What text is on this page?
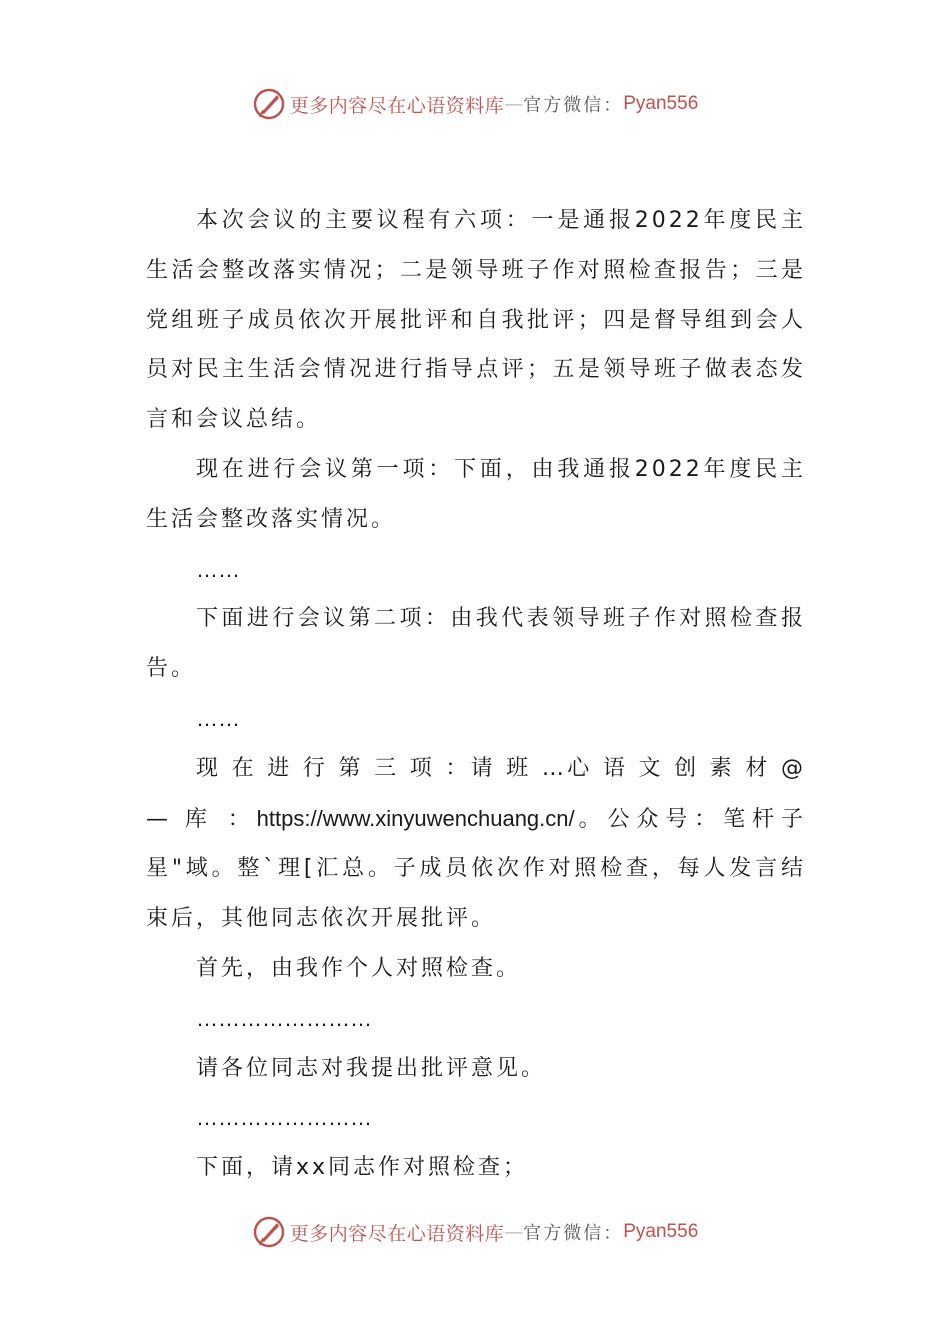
更多内容尽在心语资料库 — 官方微信： Pyan556

本次会议的主要议程有六项：一是通报2022年度民主生活会整改落实情况；二是领导班子作对照检查报告；三是党组班子成员依次开展批评和自我批评；四是督导组到会人员对民主生活会情况进行指导点评；五是领导班子做表态发言和会议总结。

现在进行会议第一项：下面，由我通报2022年度民主生活会整改落实情况。

……

下面进行会议第二项：由我代表领导班子作对照检查报告。

……

现 在 进 行 第 三 项 ：请 班 …心 语 文 创 素 材 @— 库 ：https://www.xinyuwenchuang.cn/。公众号：笔杆子星"域。整`理[汇总。子成员依次作对照检查，每人发言结束后，其他同志依次开展批评。

首先，由我作个人对照检查。

……………………

请各位同志对我提出批评意见。

……………………

下面，请xx同志作对照检查；

更多内容尽在心语资料库 — 官方微信： Pyan556
